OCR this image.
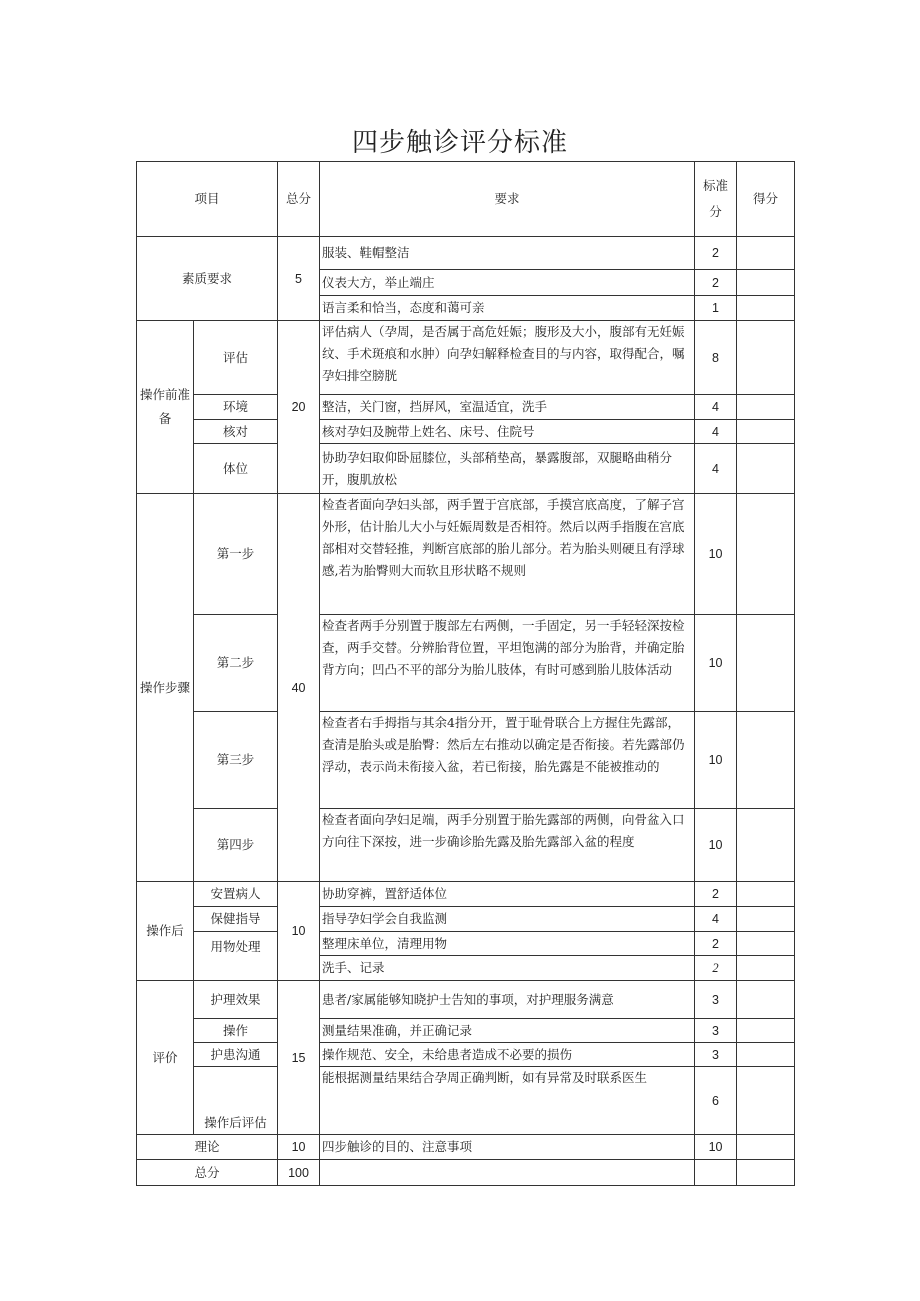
四步触诊评分标准
项目		总分	要求	标准分	得分
素质要求		5	服装、鞋帽整洁	2	
			仪表大方，举止端庄	2	
			语言柔和恰当，态度和蔼可亲	1	
操作前准备	评估	20	评估病人（孕周，是否属于高危妊娠；腹形及大小，腹部有无妊娠纹、手术斑痕和水肿）向孕妇解释检查目的与内容，取得配合，嘱孕妇排空膀胱	8	
	环境		整洁，关门窗，挡屏风，室温适宜，洗手	4	
	核对		核对孕妇及腕带上姓名、床号、住院号	4	
	体位		协助孕妇取仰卧屈膝位，头部稍垫高，暴露腹部，双腿略曲稍分开，腹肌放松	4	
操作步骤	第一步	40	检查者面向孕妇头部，两手置于宫底部，手摸宫底高度，了解子宫外形，估计胎儿大小与妊娠周数是否相符。然后以两手指腹在宫底部相对交替轻推，判断宫底部的胎儿部分。若为胎头则硬且有浮球感,若为胎臀则大而软且形状略不规则	10	
	第二步		检查者两手分别置于腹部左右两侧，一手固定，另一手轻轻深按检查，两手交替。分辨胎背位置，平坦饱满的部分为胎背，并确定胎背方向；凹凸不平的部分为胎儿肢体，有时可感到胎儿肢体活动	10	
	第三步		检查者右手拇指与其余4指分开，置于耻骨联合上方握住先露部，查清是胎头或是胎臀：然后左右推动以确定是否衔接。若先露部仍浮动，表示尚未衔接入盆，若已衔接，胎先露是不能被推动的	10	
	第四步		检查者面向孕妇足端，两手分别置于胎先露部的两侧，向骨盆入口方向往下深按，进一步确诊胎先露及胎先露部入盆的程度	10	
操作后	安置病人	10	协助穿裤，置舒适体位	2	
	保健指导		指导孕妇学会自我监测	4	
	用物处理		整理床单位，清理用物	2	
			洗手、记录	2	
评价	护理效果	15	患者/家属能够知晓护士告知的事项，对护理服务满意	3	
	操作		测量结果准确，并正确记录	3	
	护患沟通		操作规范、安全，未给患者造成不必要的损伤	3	
	操作后评估		能根据测量结果结合孕周正确判断，如有异常及时联系医生	6	
理论		10	四步触诊的目的、注意事项	10	
总分		100			
